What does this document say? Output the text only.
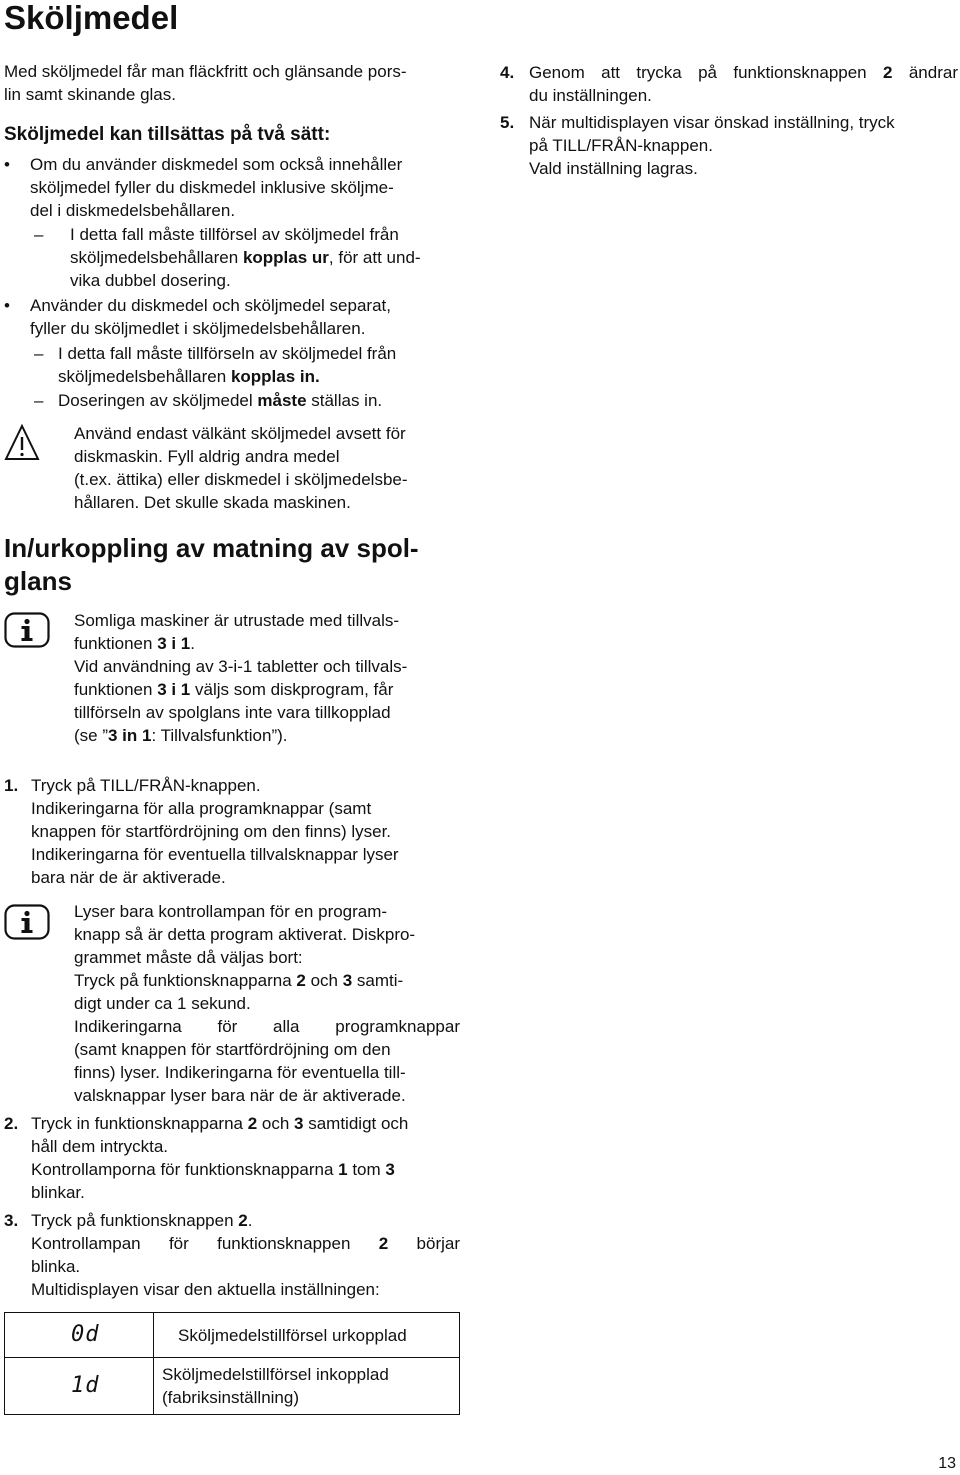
Sköljmedel
Med sköljmedel får man fläckfritt och glänsande pors-
lin samt skinande glas.
Sköljmedel kan tillsättas på två sätt:
• Om du använder diskmedel som också innehåller
sköljmedel fyller du diskmedel inklusive sköljme-
del i diskmedelsbehållaren.
– I detta fall måste tillförsel av sköljmedel från
sköljmedelsbehållaren kopplas ur, för att und-
vika dubbel dosering.
• Använder du diskmedel och sköljmedel separat,
fyller du sköljmedlet i sköljmedelsbehållaren.
– I detta fall måste tillförseln av sköljmedel från
sköljmedelsbehållaren kopplas in.
– Doseringen av sköljmedel måste ställas in.
Använd endast välkänt sköljmedel avsett för
diskmaskin. Fyll aldrig andra medel
(t.ex. ättika) eller diskmedel i sköljmedelsbe-
hållaren. Det skulle skada maskinen.
In/urkoppling av matning av spol-
glans
Somliga maskiner är utrustade med tillvals-
funktionen 3 i 1.
Vid användning av 3-i-1 tabletter och tillvals-
funktionen 3 i 1 väljs som diskprogram, får
tillförseln av spolglans inte vara tillkopplad
(se ”3 in 1: Tillvalsfunktion”).
1. Tryck på TILL/FRÅN-knappen.
Indikeringarna för alla programknappar (samt
knappen för startfördröjning om den finns) lyser.
Indikeringarna för eventuella tillvalsknappar lyser
bara när de är aktiverade.
Lyser bara kontrollampan för en program-
knapp så är detta program aktiverat. Diskpro-
grammet måste då väljas bort:
Tryck på funktionsknapparna 2 och 3 samti-
digt under ca 1 sekund.
Indikeringarna för alla programknappar
(samt knappen för startfördröjning om den
finns) lyser. Indikeringarna för eventuella till-
valsknappar lyser bara när de är aktiverade.
2. Tryck in funktionsknapparna 2 och 3 samtidigt och
håll dem intryckta.
Kontrollamporna för funktionsknapparna 1 tom 3
blinkar.
3. Tryck på funktionsknappen 2.
Kontrollampan för funktionsknappen 2 börjar
blinka.
Multidisplayen visar den aktuella inställningen:
0d	Sköljmedelstillförsel urkopplad

1d	Sköljmedelstillförsel inkopplad
(fabriksinställning)
4. Genom att trycka på funktionsknappen 2 ändrar
du inställningen.
5. När multidisplayen visar önskad inställning, tryck
på TILL/FRÅN-knappen.
Vald inställning lagras.
13
